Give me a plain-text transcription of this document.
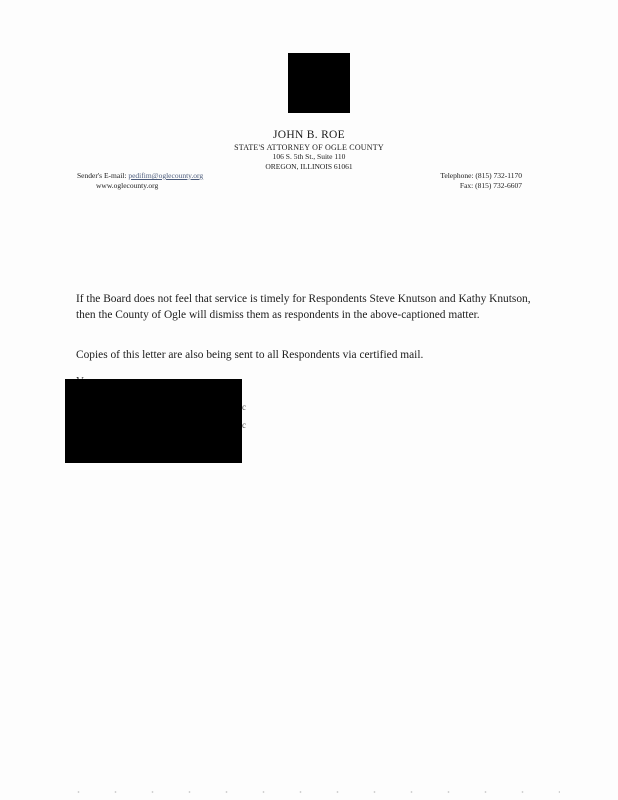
JOHN B. ROE
STATE'S ATTORNEY OF OGLE COUNTY
106 S. 5th St., Suite 110
OREGON, ILLINOIS 61061
Sender's E-mail: pedifim@oglecounty.org
www.oglecounty.org
Telephone: (815) 732-1170
Fax: (815) 732-6607
If the Board does not feel that service is timely for Respondents Steve Knutson and Kathy Knutson, then the County of Ogle will dismiss them as respondents in the above-captioned matter.
Copies of this letter are also being sent to all Respondents via certified mail.
c
c
